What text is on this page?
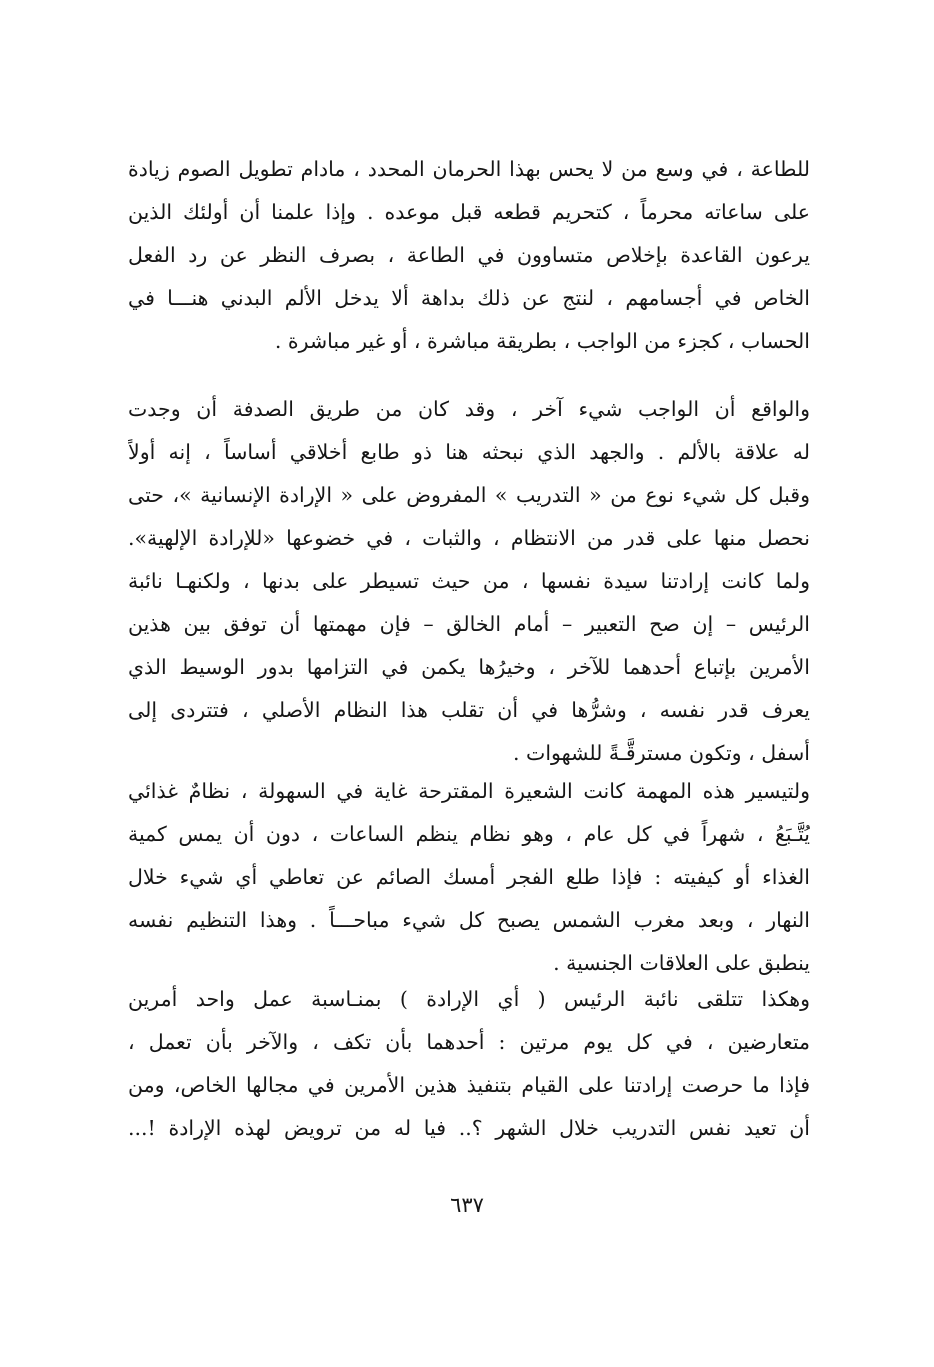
للطاعة ، في وسع من لا يحس بهذا الحرمان المحدد ، مادام تطويل الصوم زيادة
على ساعاته محرماً ، كتحريم قطعه قبل موعده . وإذا علمنا أن أولئك الذين
يرعون القاعدة بإخلاص متساوون في الطاعة ، بصرف النظر عن رد الفعل
الخاص في أجسامهم ، لنتج عن ذلك بداهة ألا يدخل الألم البدني هنـــا في
الحساب ، كجزء من الواجب ، بطريقة مباشرة ، أو غير مباشرة .
والواقع أن الواجب شيء آخر ، وقد كان من طريق الصدفة أن وجدت
له علاقة بالألم . والجهد الذي نبحثه هنا ذو طابع أخلاقي أساساً ، إنه أولاً
وقبل كل شيء نوع من « التدريب » المفروض على « الإرادة الإنسانية »، حتى
نحصل منها على قدر من الانتظام ، والثبات ، في خضوعها «للإرادة الإلهية».
ولما كانت إرادتنا سيدة نفسها ، من حيث تسيطر على بدنها ، ولكنهـا نائبة
الرئيس – إن صح التعبير – أمام الخالق – فإن مهمتها أن توفق بين هذين
الأمرين بإتباع أحدهما للآخر ، وخيرُها يكمن في التزامها بدور الوسيط الذي
يعرف قدر نفسه ، وشرُّها في أن تقلب هذا النظام الأصلي ، فتتردى إلى
أسفل ، وتكون مسترقَّـةً للشهوات .
ولتيسير هذه المهمة كانت الشعيرة المقترحة غاية في السهولة ، نظامٌ غذائي
يُتَّـبَعُ ، شهراً في كل عام ، وهو نظام ينظم الساعات ، دون أن يمس كمية
الغذاء أو كيفيته : فإذا طلع الفجر أمسك الصائم عن تعاطي أي شيء خلال
النهار ، وبعد مغرب الشمس يصبح كل شيء مباحـــاً . وهذا التنظيم نفسه
ينطبق على العلاقات الجنسية .
وهكذا تتلقى نائبة الرئيس ( أي الإرادة ) بمنـاسبة عمل واحد أمرين
متعارضين ، في كل يوم مرتين : أحدهما بأن تكف ، والآخر بأن تعمل ،
فإذا ما حرصت إرادتنا على القيام بتنفيذ هذين الأمرين في مجالها الخاص، ومن
أن تعيد نفس التدريب خلال الشهر ؟.. فيا له من ترويض لهذه الإرادة !...
٦٣٧
